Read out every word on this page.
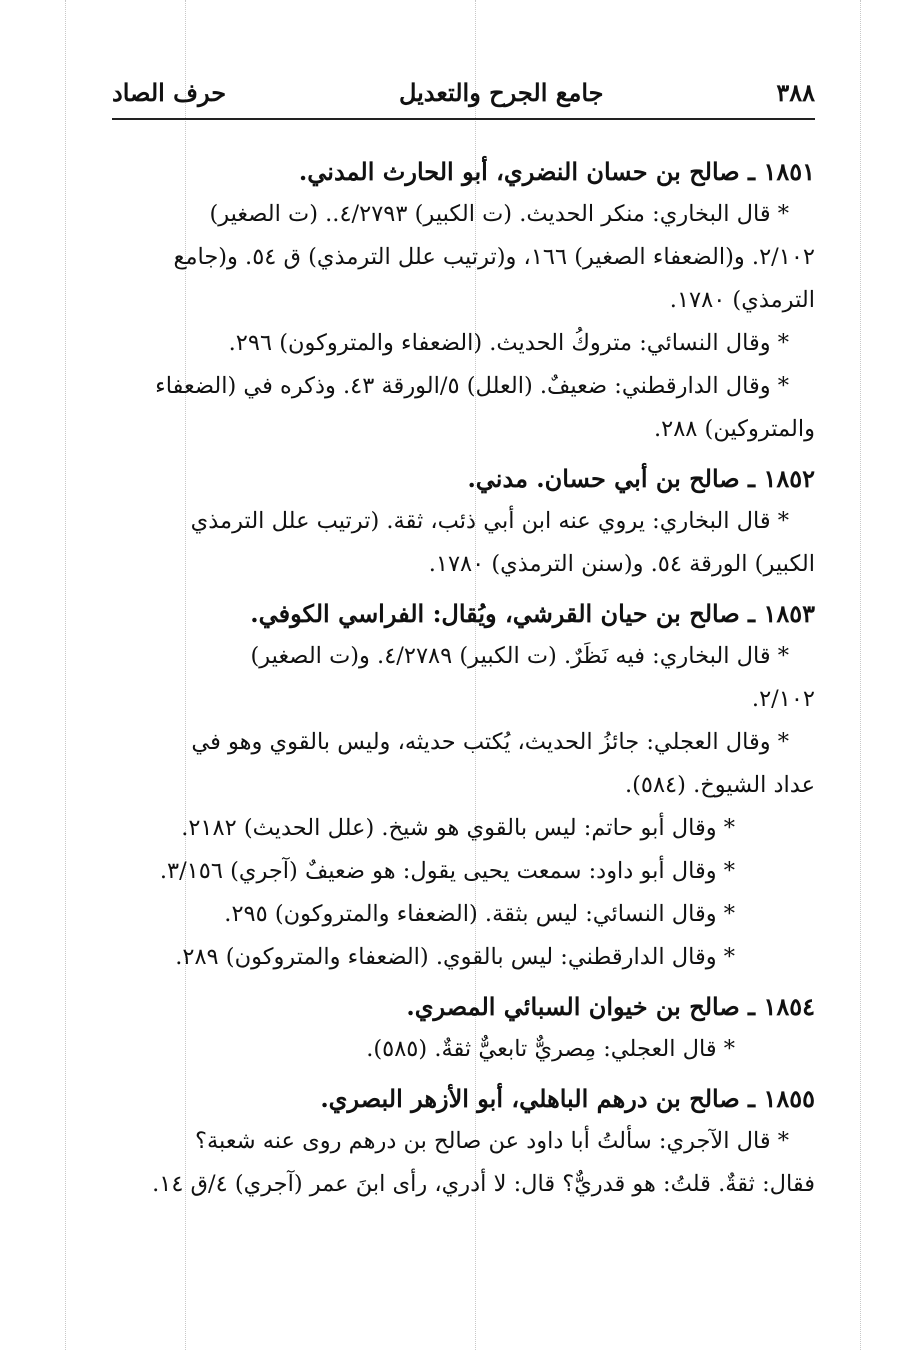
٣٨٨
جامع الجرح والتعديل
حرف الصاد
١٨٥١ ـ صالح بن حسان النضري، أبو الحارث المدني.
* قال البخاري: منكر الحديث. (ت الكبير) ٤/٢٧٩٣.. (ت الصغير)
٢/١٠٢. و(الضعفاء الصغير) ١٦٦، و(ترتيب علل الترمذي) ق ٥٤. و(جامع
الترمذي) ١٧٨٠.
* وقال النسائي: متروكُ الحديث. (الضعفاء والمتروكون) ٢٩٦.
* وقال الدارقطني: ضعيفٌ. (العلل) ٥/الورقة ٤٣. وذكره في (الضعفاء
والمتروكين) ٢٨٨.
١٨٥٢ ـ صالح بن أبي حسان. مدني.
* قال البخاري: يروي عنه ابن أبي ذئب، ثقة. (ترتيب علل الترمذي
الكبير) الورقة ٥٤. و(سنن الترمذي) ١٧٨٠.
١٨٥٣ ـ صالح بن حيان القرشي، ويُقال: الفراسي الكوفي.
* قال البخاري: فيه نَظَرٌ. (ت الكبير) ٤/٢٧٨٩. و(ت الصغير)
٢/١٠٢.
* وقال العجلي: جائزُ الحديث، يُكتب حديثه، وليس بالقوي وهو في
عداد الشيوخ. (٥٨٤).
* وقال أبو حاتم: ليس بالقوي هو شيخ. (علل الحديث) ٢١٨٢.
* وقال أبو داود: سمعت يحيى يقول: هو ضعيفٌ (آجري) ٣/١٥٦.
* وقال النسائي: ليس بثقة. (الضعفاء والمتروكون) ٢٩٥.
* وقال الدارقطني: ليس بالقوي. (الضعفاء والمتروكون) ٢٨٩.
١٨٥٤ ـ صالح بن خيوان السبائي المصري.
* قال العجلي: مِصريٌّ تابعيٌّ ثقةٌ. (٥٨٥).
١٨٥٥ ـ صالح بن درهم الباهلي، أبو الأزهر البصري.
* قال الآجري: سألتُ أبا داود عن صالح بن درهم روى عنه شعبة؟
فقال: ثقةٌ. قلتُ: هو قدريٌّ؟ قال: لا أدري، رأى ابنَ عمر (آجري) ٤/ق ١٤.
